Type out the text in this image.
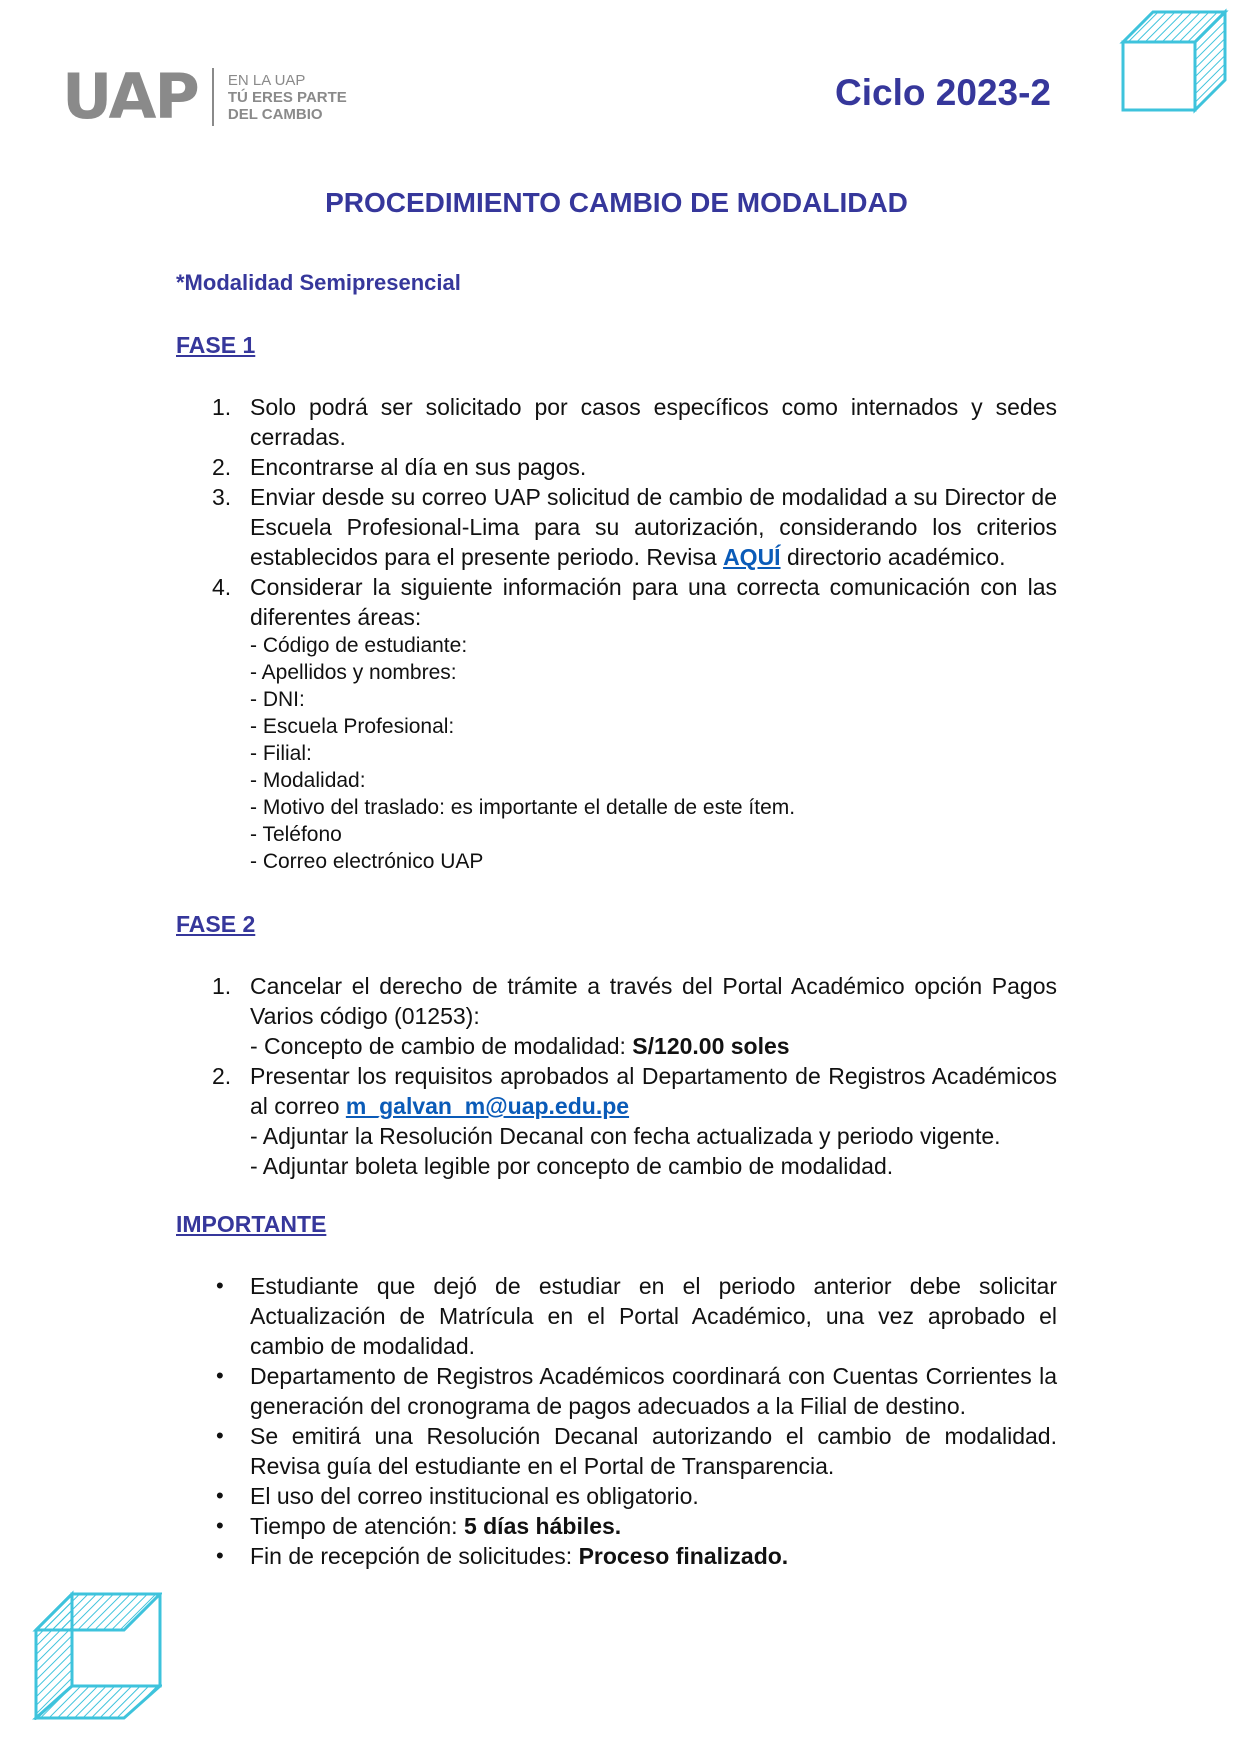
UAP EN LA UAP
TÚ ERES PARTE
DEL CAMBIO
Ciclo 2023-2
PROCEDIMIENTO CAMBIO DE MODALIDAD

*Modalidad Semipresencial

FASE 1

1. Solo podrá ser solicitado por casos específicos como internados y sedes cerradas.
2. Encontrarse al día en sus pagos.
3. Enviar desde su correo UAP solicitud de cambio de modalidad a su Director de Escuela Profesional-Lima para su autorización, considerando los criterios establecidos para el presente periodo. Revisa AQUÍ directorio académico.
4. Considerar la siguiente información para una correcta comunicación con las diferentes áreas:
- Código de estudiante:
- Apellidos y nombres:
- DNI:
- Escuela Profesional:
- Filial:
- Modalidad:
- Motivo del traslado: es importante el detalle de este ítem.
- Teléfono
- Correo electrónico UAP

FASE 2

1. Cancelar el derecho de trámite a través del Portal Académico opción Pagos Varios código (01253):
- Concepto de cambio de modalidad: S/120.00 soles
2. Presentar los requisitos aprobados al Departamento de Registros Académicos al correo m_galvan_m@uap.edu.pe
- Adjuntar la Resolución Decanal con fecha actualizada y periodo vigente.
- Adjuntar boleta legible por concepto de cambio de modalidad.

IMPORTANTE

• Estudiante que dejó de estudiar en el periodo anterior debe solicitar Actualización de Matrícula en el Portal Académico, una vez aprobado el cambio de modalidad.
• Departamento de Registros Académicos coordinará con Cuentas Corrientes la generación del cronograma de pagos adecuados a la Filial de destino.
• Se emitirá una Resolución Decanal autorizando el cambio de modalidad. Revisa guía del estudiante en el Portal de Transparencia.
• El uso del correo institucional es obligatorio.
• Tiempo de atención: 5 días hábiles.
• Fin de recepción de solicitudes: Proceso finalizado.
